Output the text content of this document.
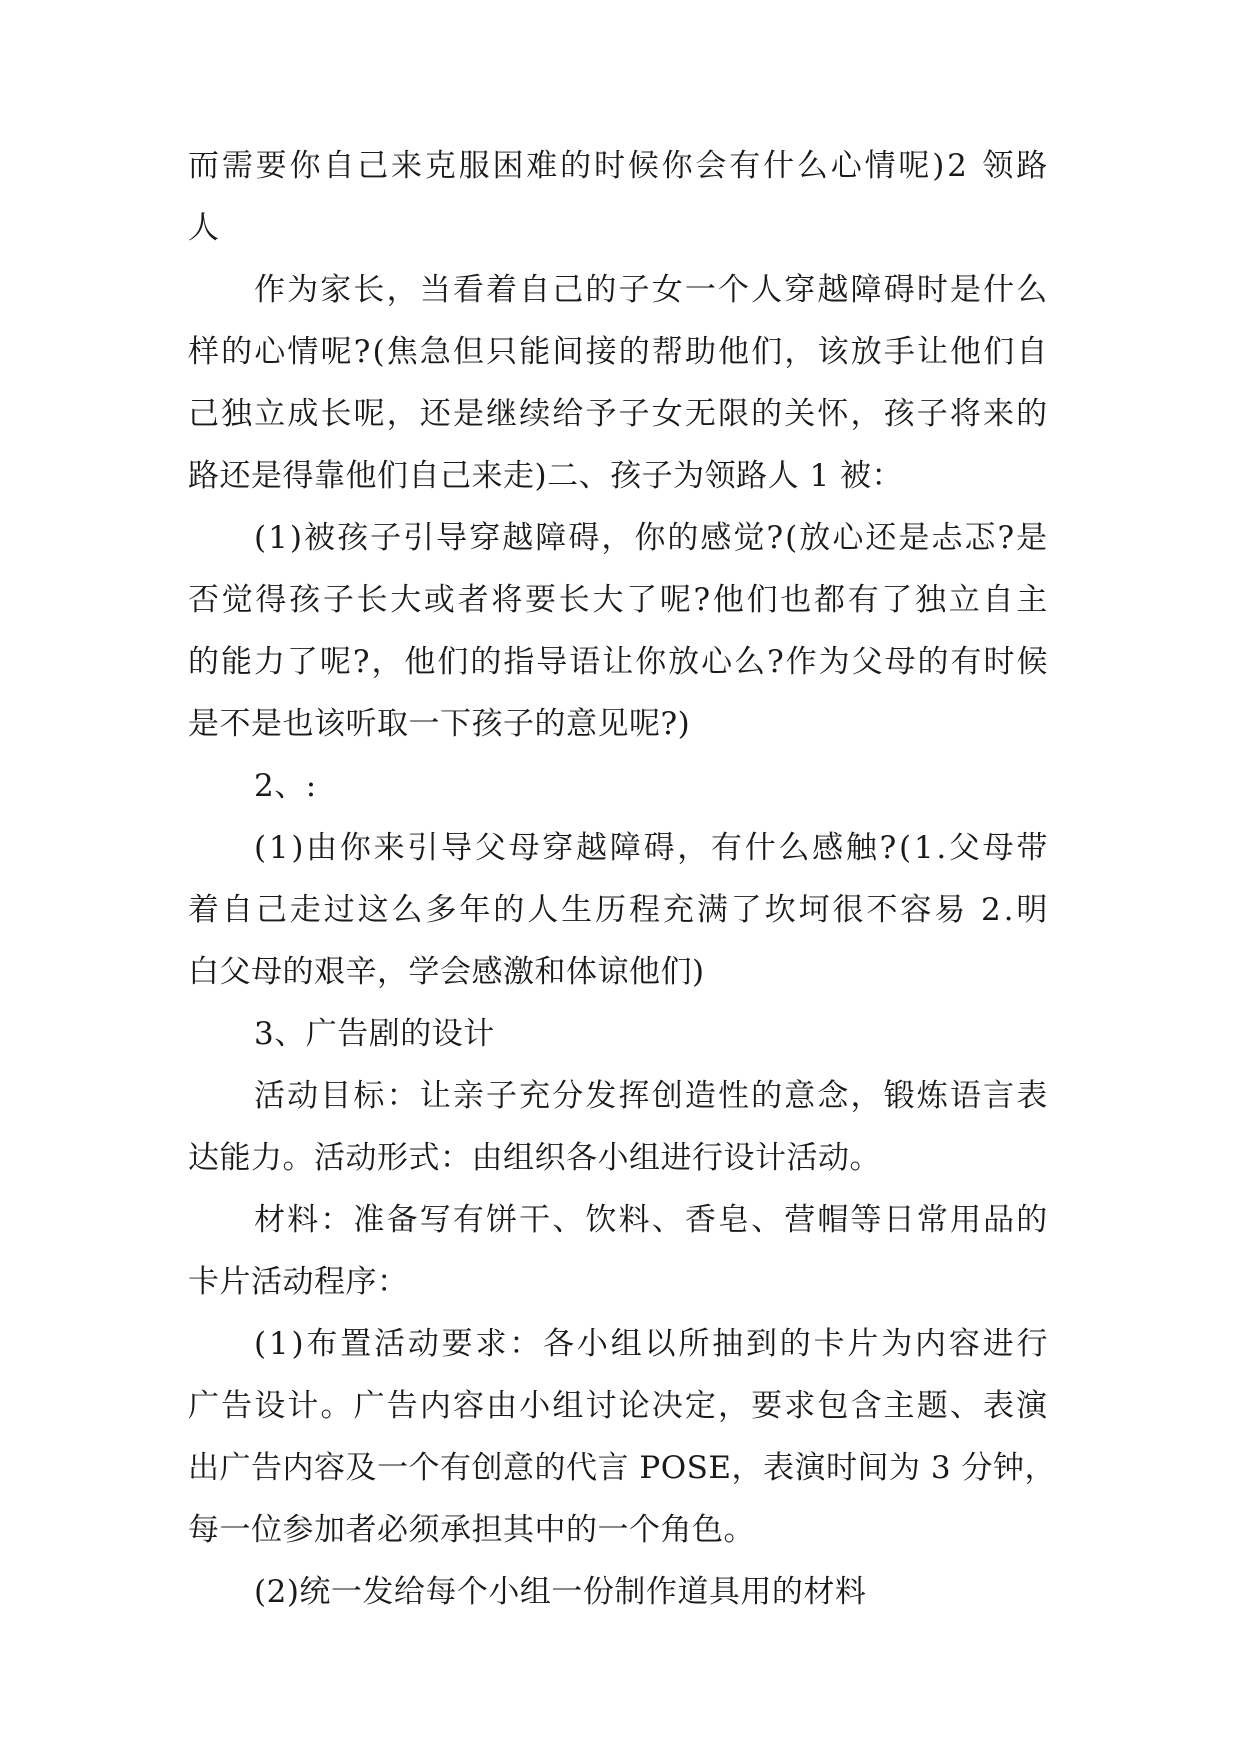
而 需 要 你 自 己 来 克 服 困 难 的 时 候 你 会 有 什 么 心 情 呢 ) 2
领 路
人
作 为 家 长 ， 当 看 着 自 己 的 子 女 一 个 人 穿 越 障 碍 时 是 什 么
样 的 心 情 呢 ? ( 焦 急 但 只 能 间 接 的 帮 助 他 们 ， 该 放 手 让 他 们 自
己 独 立 成 长 呢 ， 还 是 继 续 给 予 子 女 无 限 的 关 怀 ， 孩 子 将 来 的
路还是得靠他们自己来走)二、孩子为领路人 1 被：
( 1 ) 被 孩 子 引 导 穿 越 障 碍 ， 你 的 感 觉 ? ( 放 心 还 是 忐 忑 ? 是
否 觉 得 孩 子 长 大 或 者 将 要 长 大 了 呢 ? 他 们 也 都 有 了 独 立 自 主
的 能 力 了 呢 ? ， 他 们 的 指 导 语 让 你 放 心 么 ? 作 为 父 母 的 有 时 候
是不是也该听取一下孩子的意见呢?)
2、:
( 1 ) 由 你 来 引 导 父 母 穿 越 障 碍 ， 有 什 么 感 触 ? ( 1 . 父 母 带
着 自 己 走 过 这 么 多 年 的 人 生 历 程 充 满 了 坎 坷 很 不 容 易
2 . 明
白父母的艰辛，学会感激和体谅他们)
3、广告剧的设计
活 动 目 标 ： 让 亲 子 充 分 发 挥 创 造 性 的 意 念 ， 锻 炼 语 言 表
达能力。活动形式：由组织各小组进行设计活动。
材 料 ： 准 备 写 有 饼 干 、 饮 料 、 香 皂 、 营 帽 等 日 常 用 品 的
卡片活动程序：
( 1 ) 布 置 活 动 要 求 ： 各 小 组 以 所 抽 到 的 卡 片 为 内 容 进 行
广 告 设 计 。 广 告 内 容 由 小 组 讨 论 决 定 ， 要 求 包 含 主 题 、 表 演
出 广 告 内 容 及 一 个 有 创 意 的 代 言
P O S E ， 表 演 时 间 为
3
分 钟 ，
每一位参加者必须承担其中的一个角色。
(2)统一发给每个小组一份制作道具用的材料
